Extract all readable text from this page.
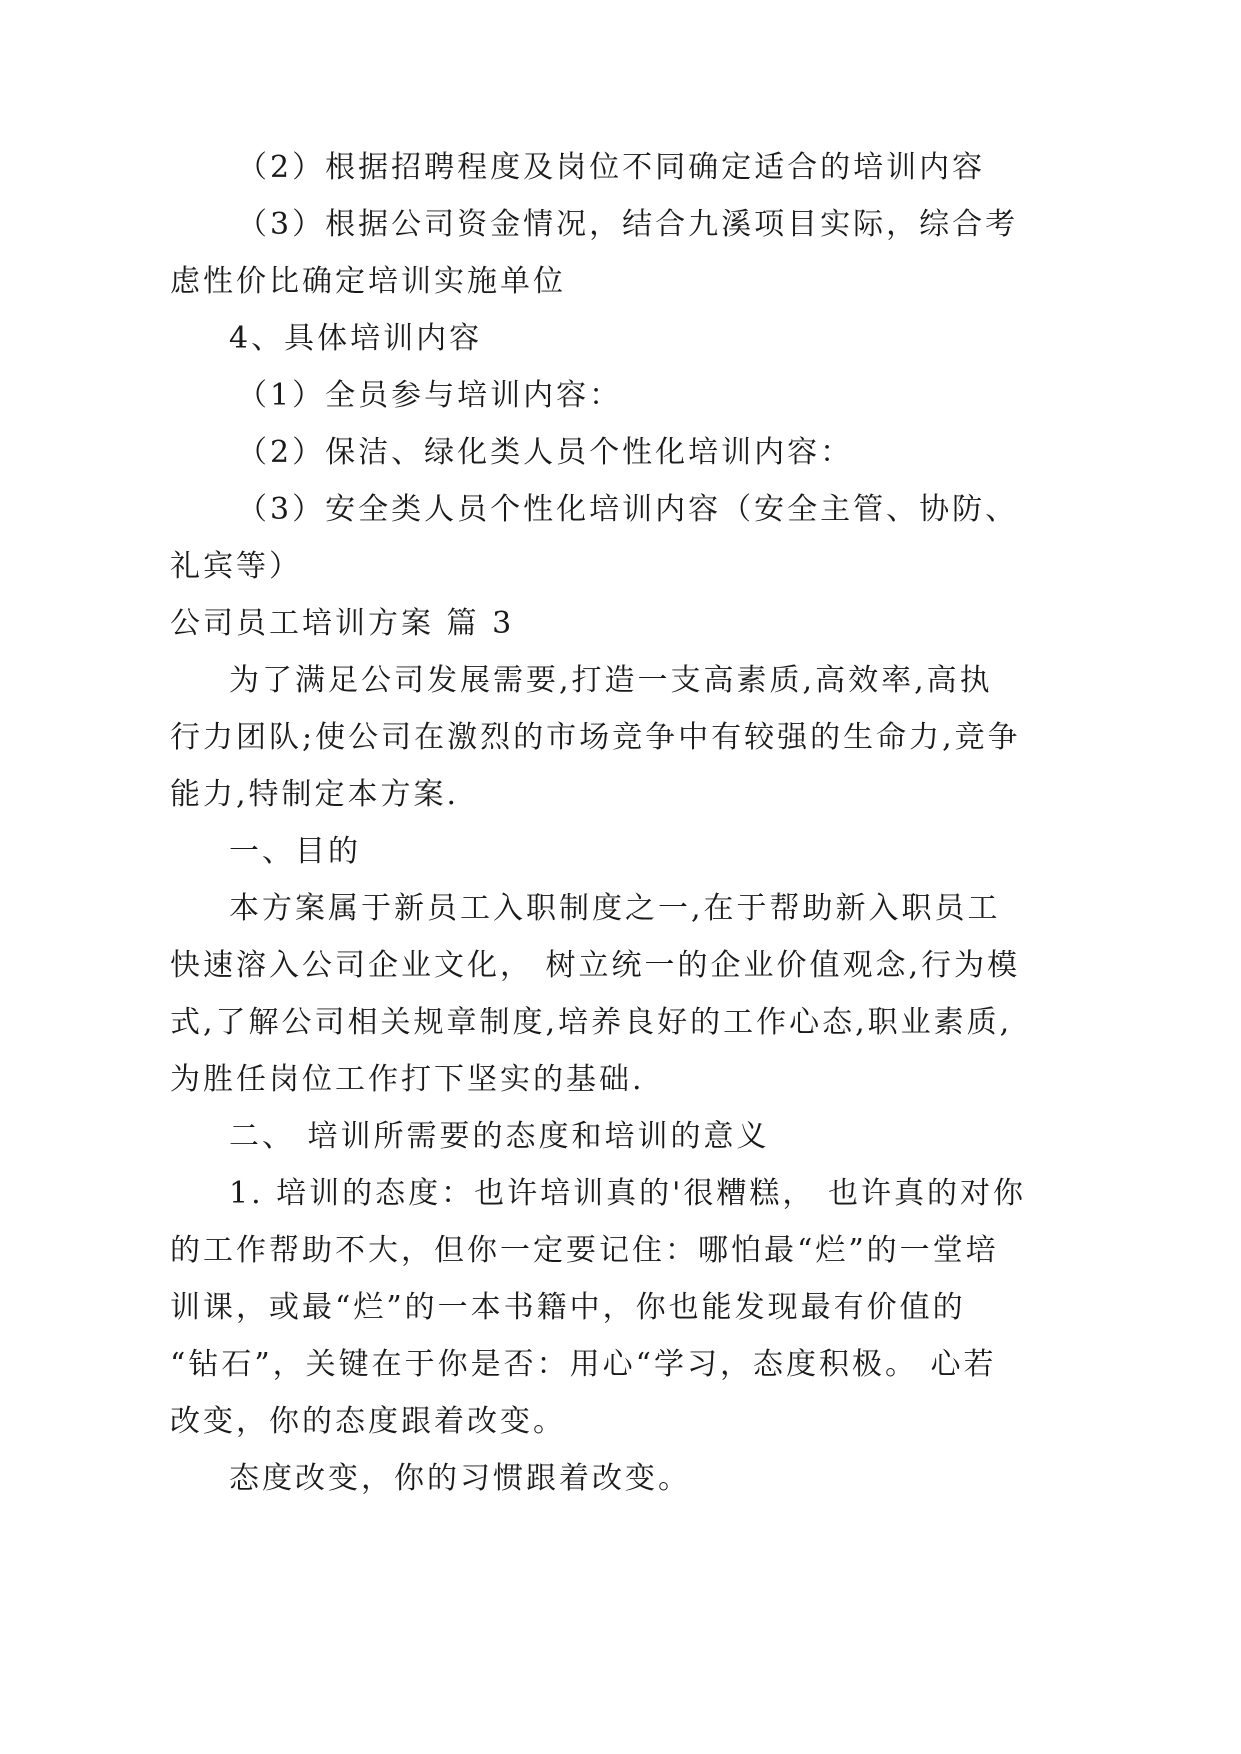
（2）根据招聘程度及岗位不同确定适合的培训内容
（3）根据公司资金情况，结合九溪项目实际，综合考
虑性价比确定培训实施单位
4、具体培训内容
（1）全员参与培训内容：
（2）保洁、绿化类人员个性化培训内容：
（3）安全类人员个性化培训内容（安全主管、协防、
礼宾等）
公司员工培训方案 篇 3
为了满足公司发展需要,打造一支高素质,高效率,高执
行力团队;使公司在激烈的市场竞争中有较强的生命力,竞争
能力,特制定本方案.
一、目的
本方案属于新员工入职制度之一,在于帮助新入职员工
快速溶入公司企业文化， 树立统一的企业价值观念,行为模
式,了解公司相关规章制度,培养良好的工作心态,职业素质,
为胜任岗位工作打下坚实的基础.
二、 培训所需要的态度和培训的意义
1. 培训的态度：也许培训真的'很糟糕， 也许真的对你
的工作帮助不大，但你一定要记住：哪怕最“烂”的一堂培
训课，或最“烂”的一本书籍中，你也能发现最有价值的
“钻石”，关键在于你是否：用心“学习，态度积极。 心若
改变，你的态度跟着改变。
态度改变，你的习惯跟着改变。
